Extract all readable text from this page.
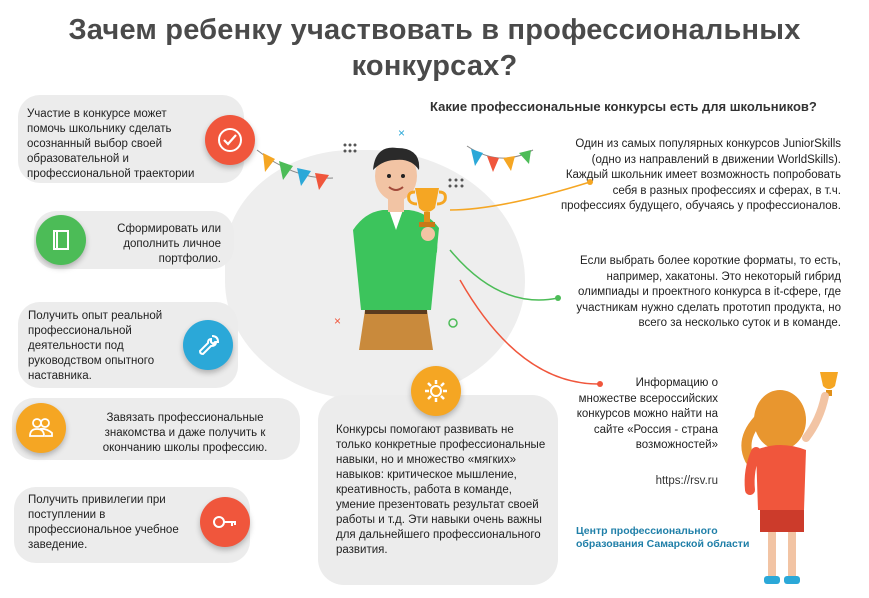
Зачем ребенку участвовать в профессиональных конкурсах?
Какие профессиональные конкурсы есть для школьников?
×
×
Участие в конкурсе может помочь школьнику сделать осознанный выбор своей образовательной и профессиональной траектории
Сформировать или дополнить личное портфолио.
Получить опыт реальной профессиональной деятельности под руководством опытного наставника.
Завязать профессиональные знакомства и даже получить к окончанию школы профессию.
Получить привилегии при поступлении в профессиональное учебное заведение.
Конкурсы помогают развивать не только конкретные профессиональные навыки, но и множество «мягких» навыков: критическое мышление, креативность, работа в команде, умение презентовать результат своей работы и т.д. Эти навыки очень важны для дальнейшего профессионального развития.
Один из самых популярных конкурсов JuniorSkills (одно из направлений в движении WorldSkills). Каждый школьник имеет возможность попробовать себя в разных профессиях и сферах, в т.ч. профессиях будущего, обучаясь у профессионалов.
Если выбрать более короткие форматы, то есть, например, хакатоны. Это некоторый гибрид олимпиады и проектного конкурса в it-сфере, где участникам нужно сделать прототип продукта, но всего за несколько суток и в команде.
Информацию о множестве всероссийских конкурсов можно найти на сайте «Россия - страна возможностей»
https://rsv.ru
Центр профессионального образования Самарской области
